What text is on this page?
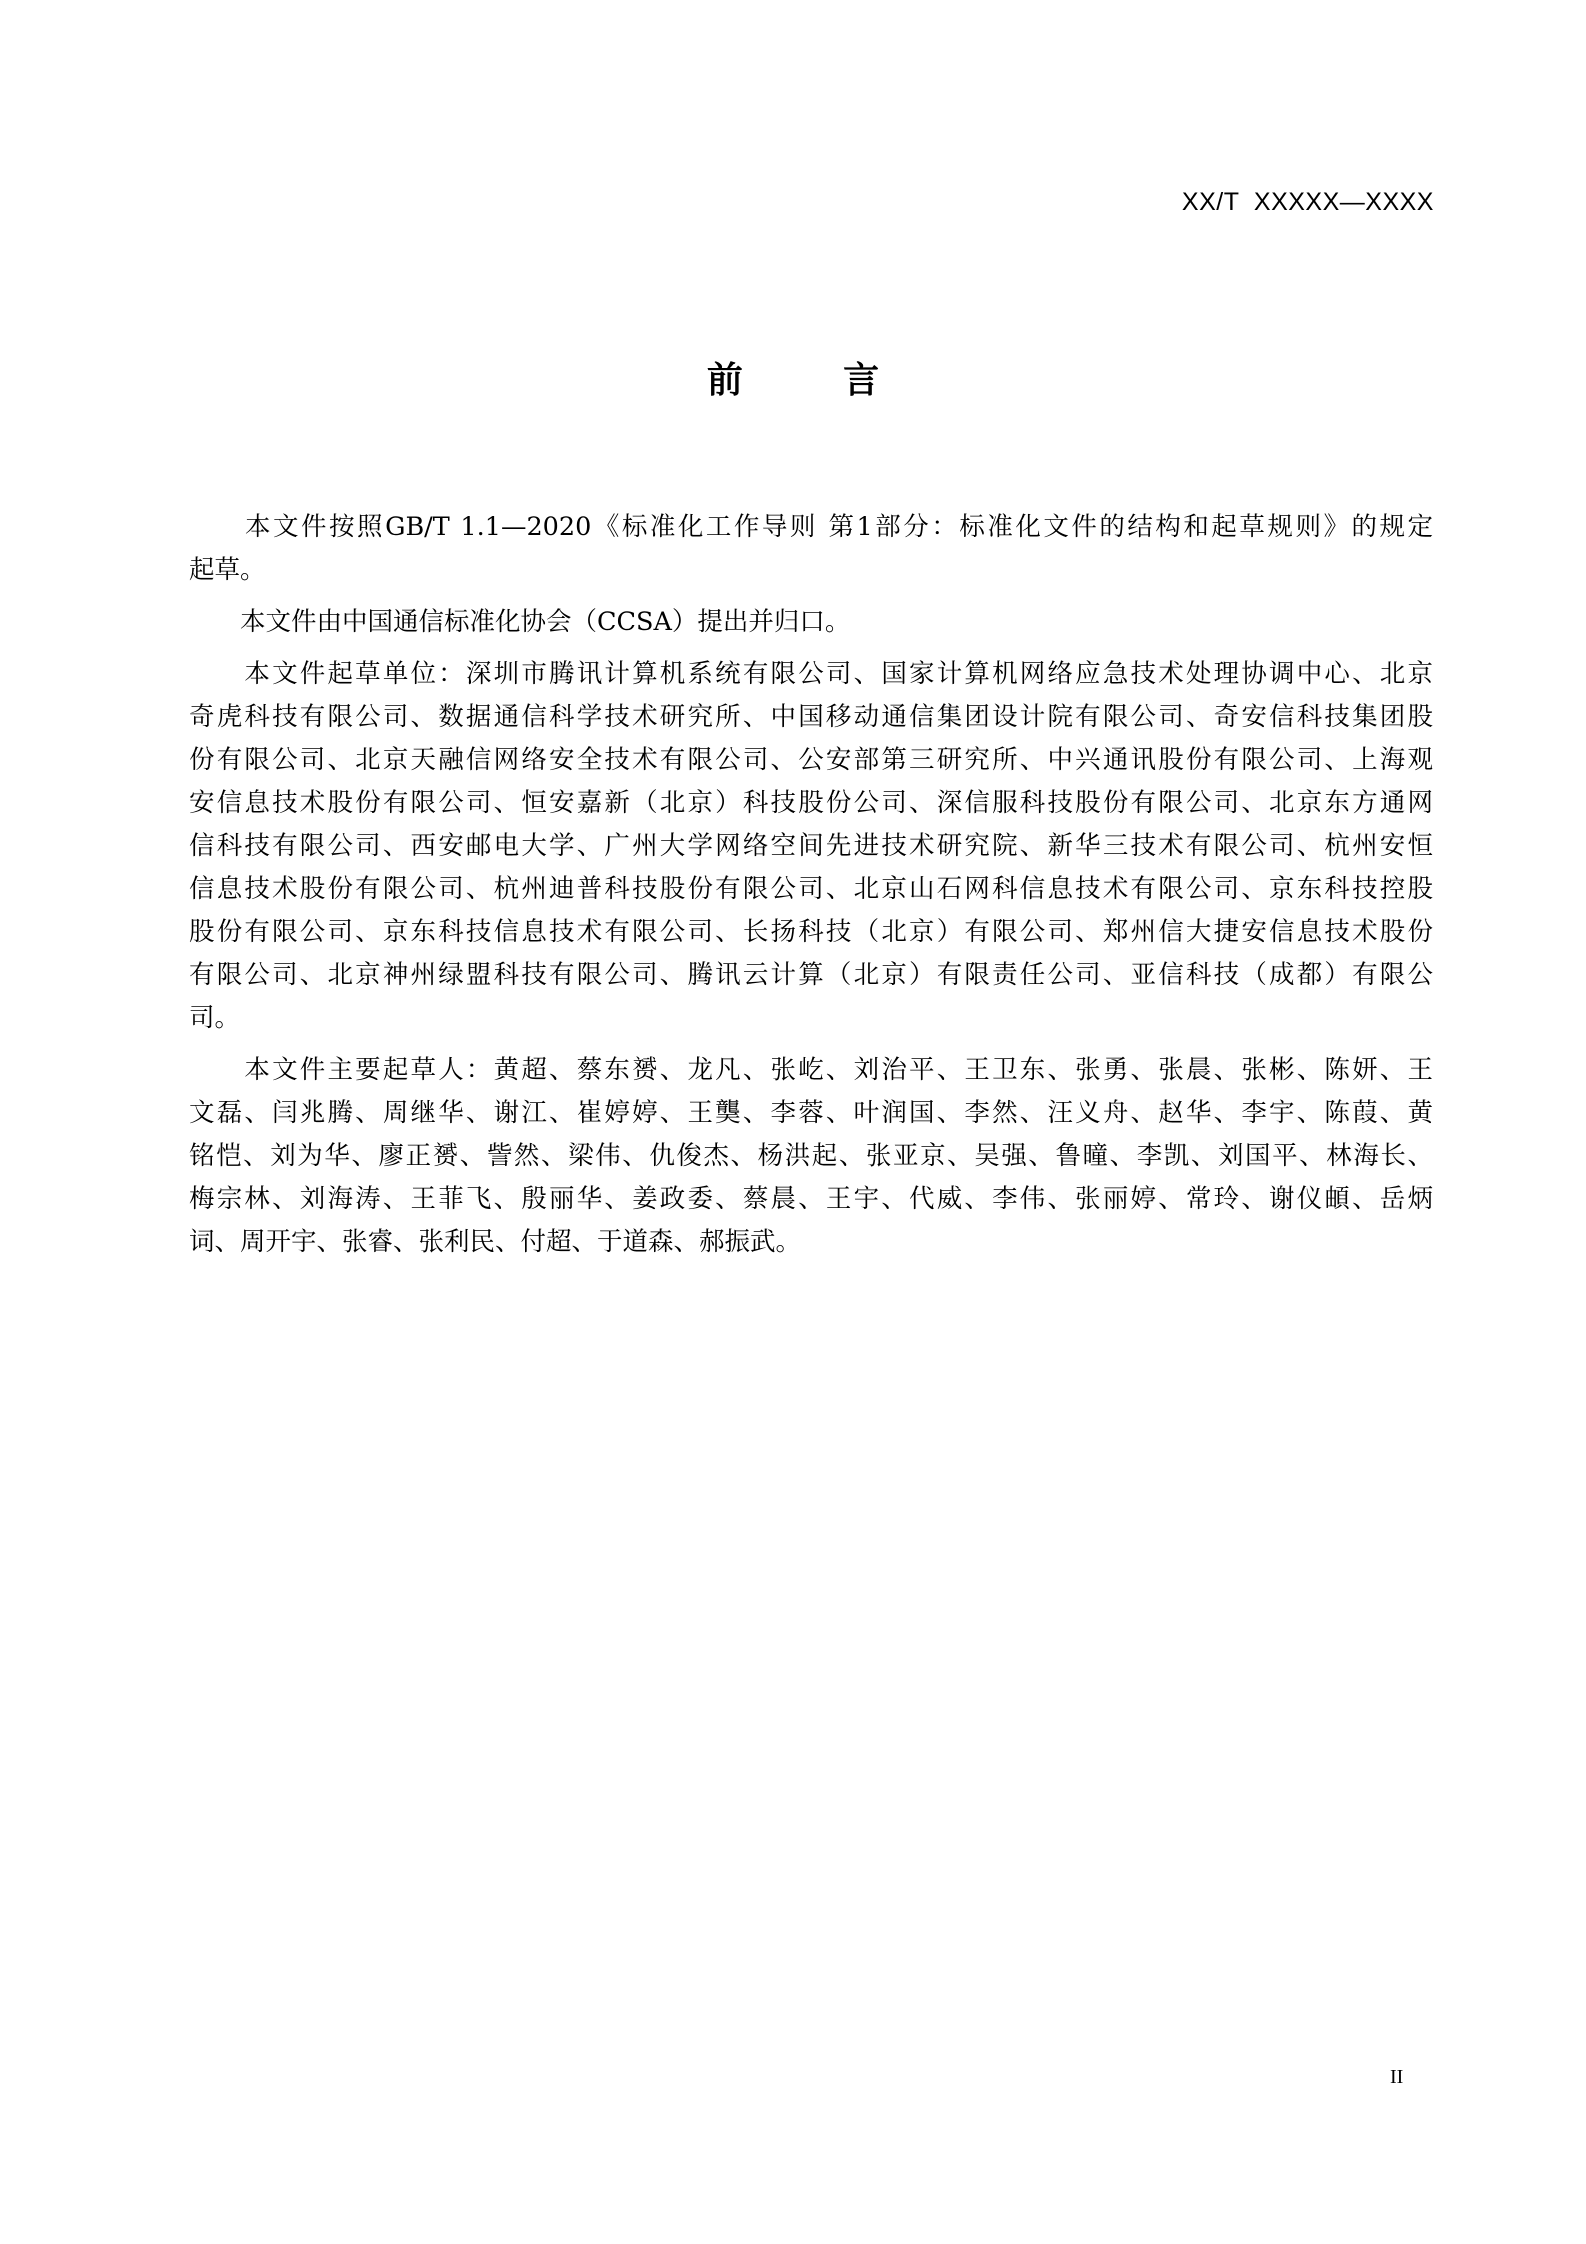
XX/T  XXXXX—XXXX
前        言
　　本文件按照GB/T 1.1—2020《标准化工作导则 第1部分：标准化文件的结构和起草规则》的规定
起草。
　　本文件由中国通信标准化协会（CCSA）提出并归口。
　　本文件起草单位：深圳市腾讯计算机系统有限公司、国家计算机网络应急技术处理协调中心、北京
奇虎科技有限公司、数据通信科学技术研究所、中国移动通信集团设计院有限公司、奇安信科技集团股
份有限公司、北京天融信网络安全技术有限公司、公安部第三研究所、中兴通讯股份有限公司、上海观
安信息技术股份有限公司、恒安嘉新（北京）科技股份公司、深信服科技股份有限公司、北京东方通网
信科技有限公司、西安邮电大学、广州大学网络空间先进技术研究院、新华三技术有限公司、杭州安恒
信息技术股份有限公司、杭州迪普科技股份有限公司、北京山石网科信息技术有限公司、京东科技控股
股份有限公司、京东科技信息技术有限公司、长扬科技（北京）有限公司、郑州信大捷安信息技术股份
有限公司、北京神州绿盟科技有限公司、腾讯云计算（北京）有限责任公司、亚信科技（成都）有限公
司。
　　本文件主要起草人：黄超、蔡东赟、龙凡、张屹、刘治平、王卫东、张勇、张晨、张彬、陈妍、王
文磊、闫兆腾、周继华、谢江、崔婷婷、王龑、李蓉、叶润国、李然、汪义舟、赵华、李宇、陈葭、黄
铭恺、刘为华、廖正赟、訾然、梁伟、仇俊杰、杨洪起、张亚京、吴强、鲁曈、李凯、刘国平、林海长、
梅宗林、刘海涛、王菲飞、殷丽华、姜政委、蔡晨、王宇、代威、李伟、张丽婷、常玲、谢仪頔、岳炳
词、周开宇、张睿、张利民、付超、于道森、郝振武。
II
